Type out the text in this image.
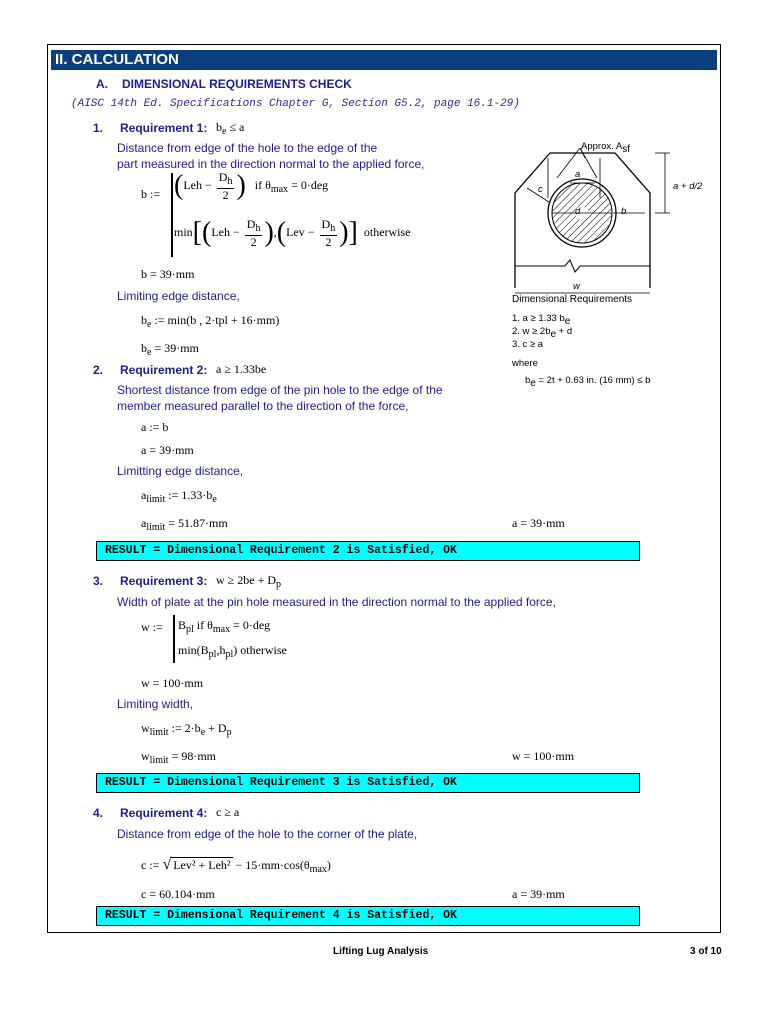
II. CALCULATION
A. DIMENSIONAL REQUIREMENTS CHECK
(AISC 14th Ed. Specifications Chapter G, Section G5.2, page 16.1-29)
1. Requirement 1: $b_e \le a$
Distance from edge of the hole to the edge of the
part measured in the direction normal to the applied force,
b := ($Leh - \frac{D_h}{2}$ ) if $\theta_{max} = 0\cdot deg$
$\min[(Leh - \frac{D_h}{2} ),(Lev - \frac{D_h}{2}$ )] otherwise
b = 39·mm
Limiting edge distance,
$b_e$ := min(b , 2·tpl + 16·mm)
$b_e = 39\cdot mm$
2. Requirement 2: a ≥ 1.33be
Shortest distance from edge of the pin hole to the edge of the
member measured parallel to the direction of the force,
a := b
a = 39·mm
Limitting edge distance,
$a_{limit}$ := $1.33\cdot b_e$
$a_{limit} = 51.87\cdot mm$	a = 39·mm
RESULT = Dimensional Requirement 2 is Satisfied, OK
3. Requirement 3: $w \ge 2be + D_p$
Width of plate at the pin hole measured in the direction normal to the applied force,
w := $B_{pl}$ if $\theta_{max} = 0\cdot deg$
$\min(B_{pl},h_{pl})$ otherwise
w = 100·mm
Limiting width,
$w_{limit}$ := $2\cdot b_e + D_p$
$w_{limit} = 98\cdot mm$	w = 100·mm
RESULT = Dimensional Requirement 3 is Satisfied, OK
4. Requirement 4: c ≥ a
Distance from edge of the hole to the corner of the plate,
c := √ $Lev^2 + Leh^2 - 15\cdot mm\cdot\cos(\theta_{max})$
c = 60.104·mm	a = 39·mm
RESULT = Dimensional Requirement 4 is Satisfied, OK
Approx. Asf
a
c
d	b
a + d/2
w
Dimensional Requirements
1. a ≥ 1.33 be
2. w ≥ 2be + d
3. c ≥ a
where
be = 2t + 0.63 in. (16 mm) ≤ b
Lifting Lug Analysis	3 of 10
